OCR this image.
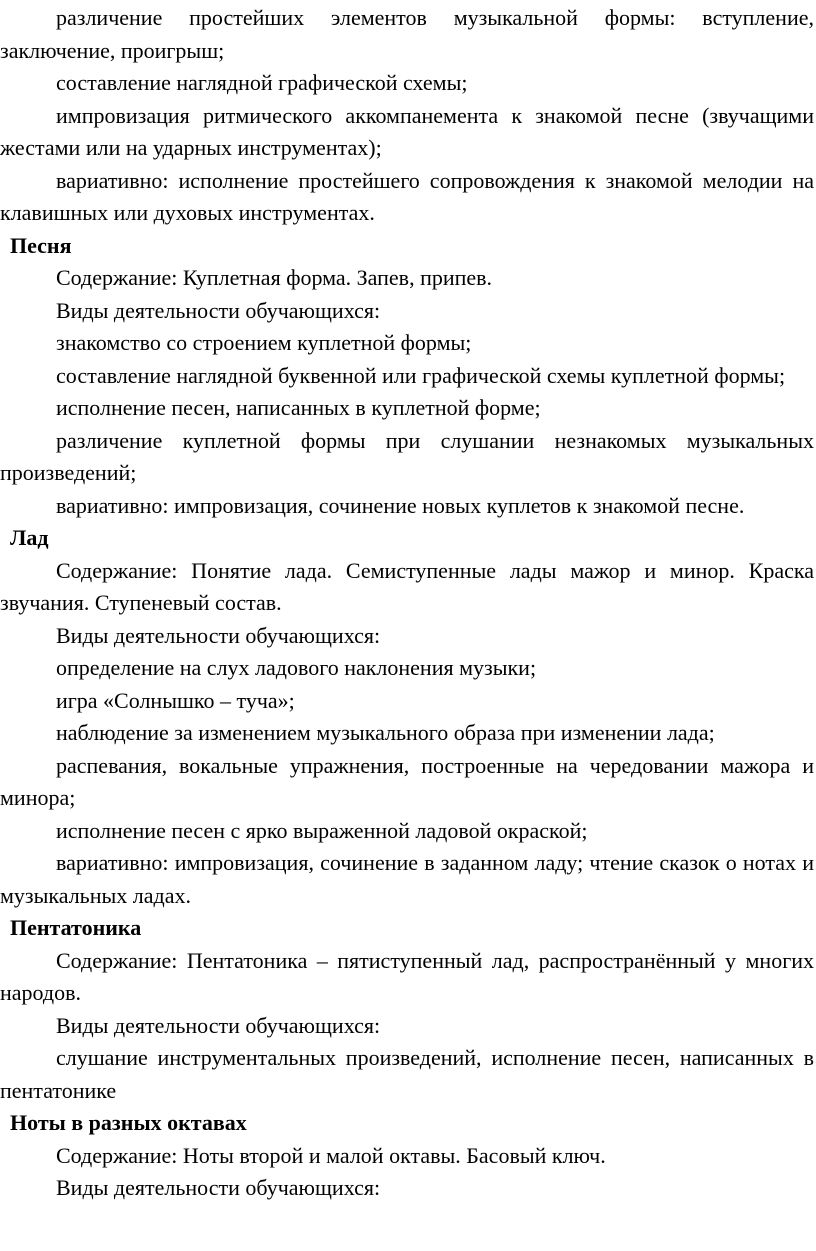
различение простейших элементов музыкальной формы: вступление, заключение, проигрыш;

составление наглядной графической схемы;

импровизация ритмического аккомпанемента к знакомой песне (звучащими жестами или на ударных инструментах);

вариативно: исполнение простейшего сопровождения к знакомой мелодии на клавишных или духовых инструментах.

Песня

Содержание: Куплетная форма. Запев, припев.

Виды деятельности обучающихся:

знакомство со строением куплетной формы;

составление наглядной буквенной или графической схемы куплетной формы;

исполнение песен, написанных в куплетной форме;

различение куплетной формы при слушании незнакомых музыкальных произведений;

вариативно: импровизация, сочинение новых куплетов к знакомой песне.

Лад

Содержание: Понятие лада. Семиступенные лады мажор и минор. Краска звучания. Ступеневый состав.

Виды деятельности обучающихся:

определение на слух ладового наклонения музыки;

игра «Солнышко – туча»;

наблюдение за изменением музыкального образа при изменении лада;

распевания, вокальные упражнения, построенные на чередовании мажора и минора;

исполнение песен с ярко выраженной ладовой окраской;

вариативно: импровизация, сочинение в заданном ладу; чтение сказок о нотах и музыкальных ладах.

Пентатоника

Содержание: Пентатоника – пятиступенный лад, распространённый у многих народов.

Виды деятельности обучающихся:

слушание инструментальных произведений, исполнение песен, написанных в пентатонике

Ноты в разных октавах

Содержание: Ноты второй и малой октавы. Басовый ключ.

Виды деятельности обучающихся:
